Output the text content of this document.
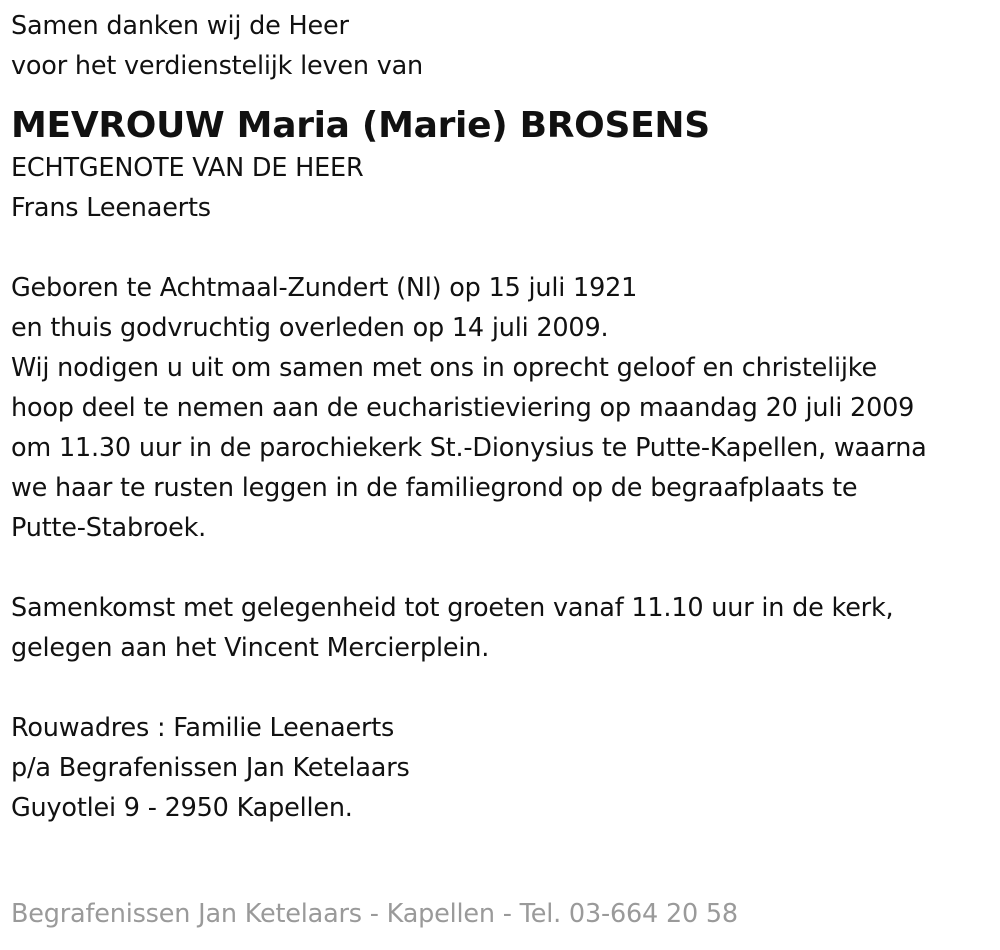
Samen danken wij de Heer
voor het verdienstelijk leven van
MEVROUW Maria (Marie) BROSENS
ECHTGENOTE VAN DE HEER
Frans Leenaerts
Geboren te Achtmaal-Zundert (Nl) op 15 juli 1921
en thuis godvruchtig overleden op 14 juli 2009.
Wij nodigen u uit om samen met ons in oprecht geloof en christelijke
hoop deel te nemen aan de eucharistieviering op maandag 20 juli 2009
om 11.30 uur in de parochiekerk St.-Dionysius te Putte-Kapellen, waarna
we haar te rusten leggen in de familiegrond op de begraafplaats te
Putte-Stabroek.
Samenkomst met gelegenheid tot groeten vanaf 11.10 uur in de kerk,
gelegen aan het Vincent Mercierplein.
Rouwadres : Familie Leenaerts
p/a Begrafenissen Jan Ketelaars
Guyotlei 9 - 2950 Kapellen.
Begrafenissen Jan Ketelaars - Kapellen - Tel. 03-664 20 58
